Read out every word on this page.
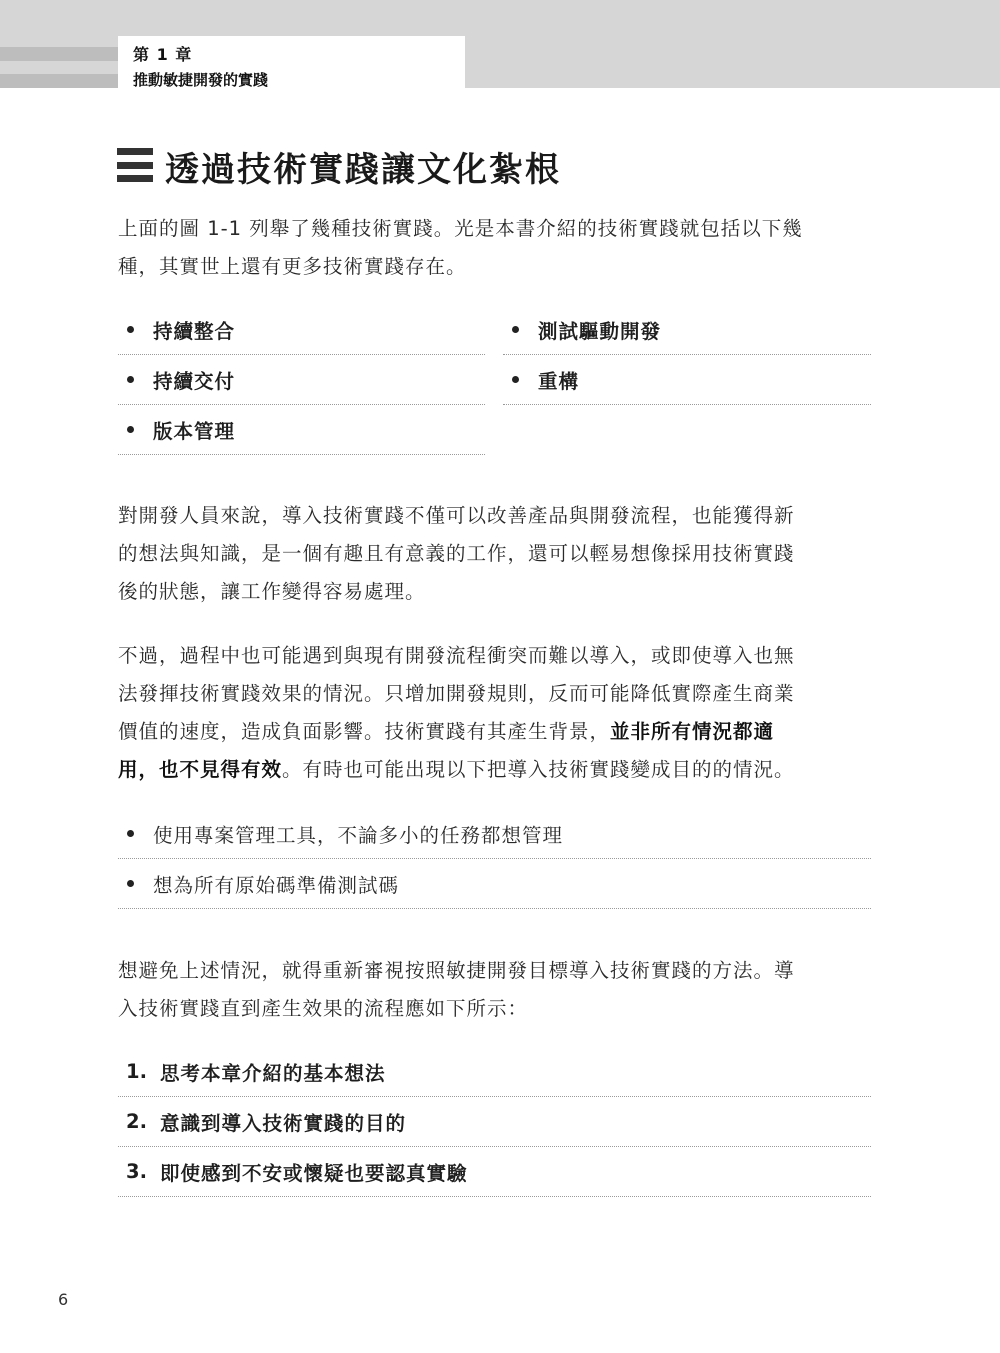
第 1 章
推動敏捷開發的實踐
透過技術實踐讓文化紮根
上面的圖 1-1 列舉了幾種技術實踐。光是本書介紹的技術實踐就包括以下幾
種，其實世上還有更多技術實踐存在。
持續整合	測試驅動開發
持續交付	重構
版本管理
對開發人員來說，導入技術實踐不僅可以改善產品與開發流程，也能獲得新
的想法與知識，是一個有趣且有意義的工作，還可以輕易想像採用技術實踐
後的狀態，讓工作變得容易處理。
不過，過程中也可能遇到與現有開發流程衝突而難以導入，或即使導入也無
法發揮技術實踐效果的情況。只增加開發規則，反而可能降低實際產生商業
價值的速度，造成負面影響。技術實踐有其產生背景，並非所有情況都適
用，也不見得有效。有時也可能出現以下把導入技術實踐變成目的的情況。
使用專案管理工具，不論多小的任務都想管理
想為所有原始碼準備測試碼
想避免上述情況，就得重新審視按照敏捷開發目標導入技術實踐的方法。導
入技術實踐直到產生效果的流程應如下所示：
1. 思考本章介紹的基本想法
2. 意識到導入技術實踐的目的
3. 即使感到不安或懷疑也要認真實驗
6
